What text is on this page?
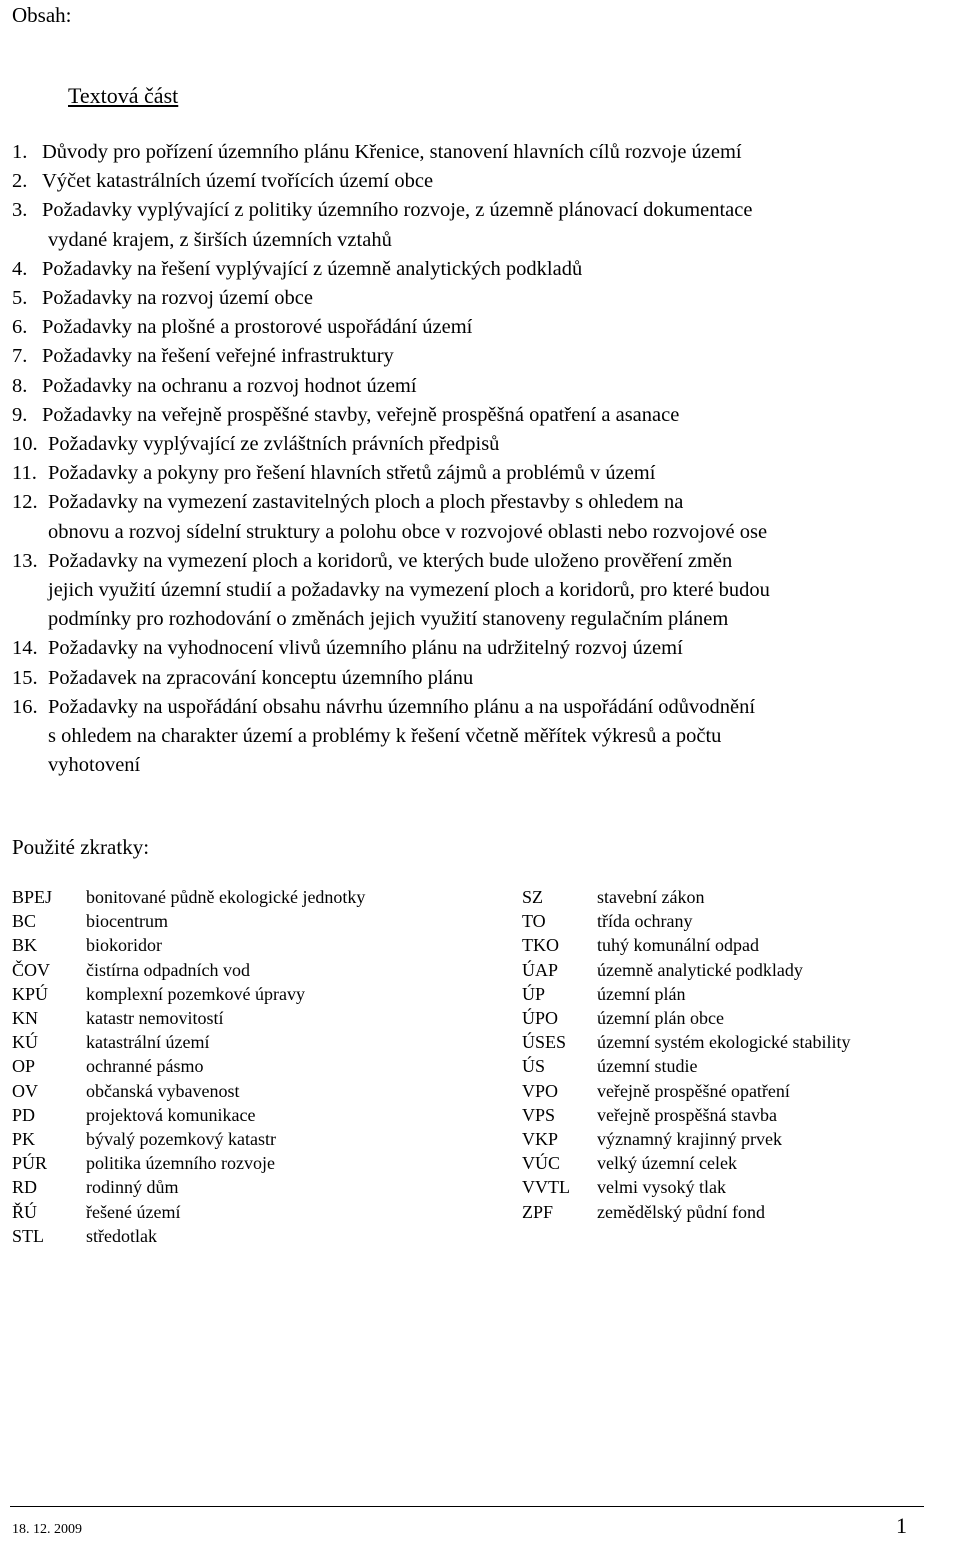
Obsah:
Textová část
1. Důvody pro pořízení územního plánu Křenice, stanovení hlavních cílů rozvoje území
2. Výčet katastrálních území tvořících území obce
3. Požadavky vyplývající z politiky územního rozvoje, z územně plánovací dokumentace
vydané krajem, z širších územních vztahů
4. Požadavky na řešení vyplývající z územně analytických podkladů
5. Požadavky na rozvoj území obce
6. Požadavky na plošné a prostorové uspořádání území
7. Požadavky na řešení veřejné infrastruktury
8. Požadavky na ochranu a rozvoj hodnot území
9. Požadavky na veřejně prospěšné stavby, veřejně prospěšná opatření a asanace
10. Požadavky vyplývající ze zvláštních právních předpisů
11. Požadavky a pokyny pro řešení hlavních střetů zájmů a problémů v území
12. Požadavky na vymezení zastavitelných ploch a ploch přestavby s ohledem na
obnovu a rozvoj sídelní struktury a polohu obce v rozvojové oblasti nebo rozvojové ose
13. Požadavky na vymezení ploch a koridorů, ve kterých bude uloženo prověření změn
jejich využití územní studií a požadavky na vymezení ploch a koridorů, pro které budou
podmínky pro rozhodování o změnách jejich využití stanoveny regulačním plánem
14. Požadavky na vyhodnocení vlivů územního plánu na udržitelný rozvoj území
15. Požadavek na zpracování konceptu územního plánu
16. Požadavky na uspořádání obsahu návrhu územního plánu a na uspořádání odůvodnění
s ohledem na charakter území a problémy k řešení včetně měřítek výkresů a počtu
vyhotovení
Použité zkratky:
BPEJ bonitované půdně ekologické jednotky
BC	biocentrum
BK	biokoridor
ČOV čistírna odpadních vod
KPÚ komplexní pozemkové úpravy
KN	katastr nemovitostí
KÚ	katastrální území
OP	ochranné pásmo
OV	občanská vybavenost
PD	projektová komunikace
PK	bývalý pozemkový katastr
PÚR politika územního rozvoje
RD	rodinný dům
ŘÚ	řešené území
STL středotlak
SZ	stavební zákon
TO	třída ochrany
TKO tuhý komunální odpad
ÚAP územně analytické podklady
ÚP	územní plán
ÚPO územní plán obce
ÚSES územní systém ekologické stability
ÚS	územní studie
VPO veřejně prospěšné opatření
VPS veřejně prospěšná stavba
VKP významný krajinný prvek
VÚC velký územní celek
VVTL velmi vysoký tlak
ZPF zemědělský půdní fond
18. 12. 2009	1
